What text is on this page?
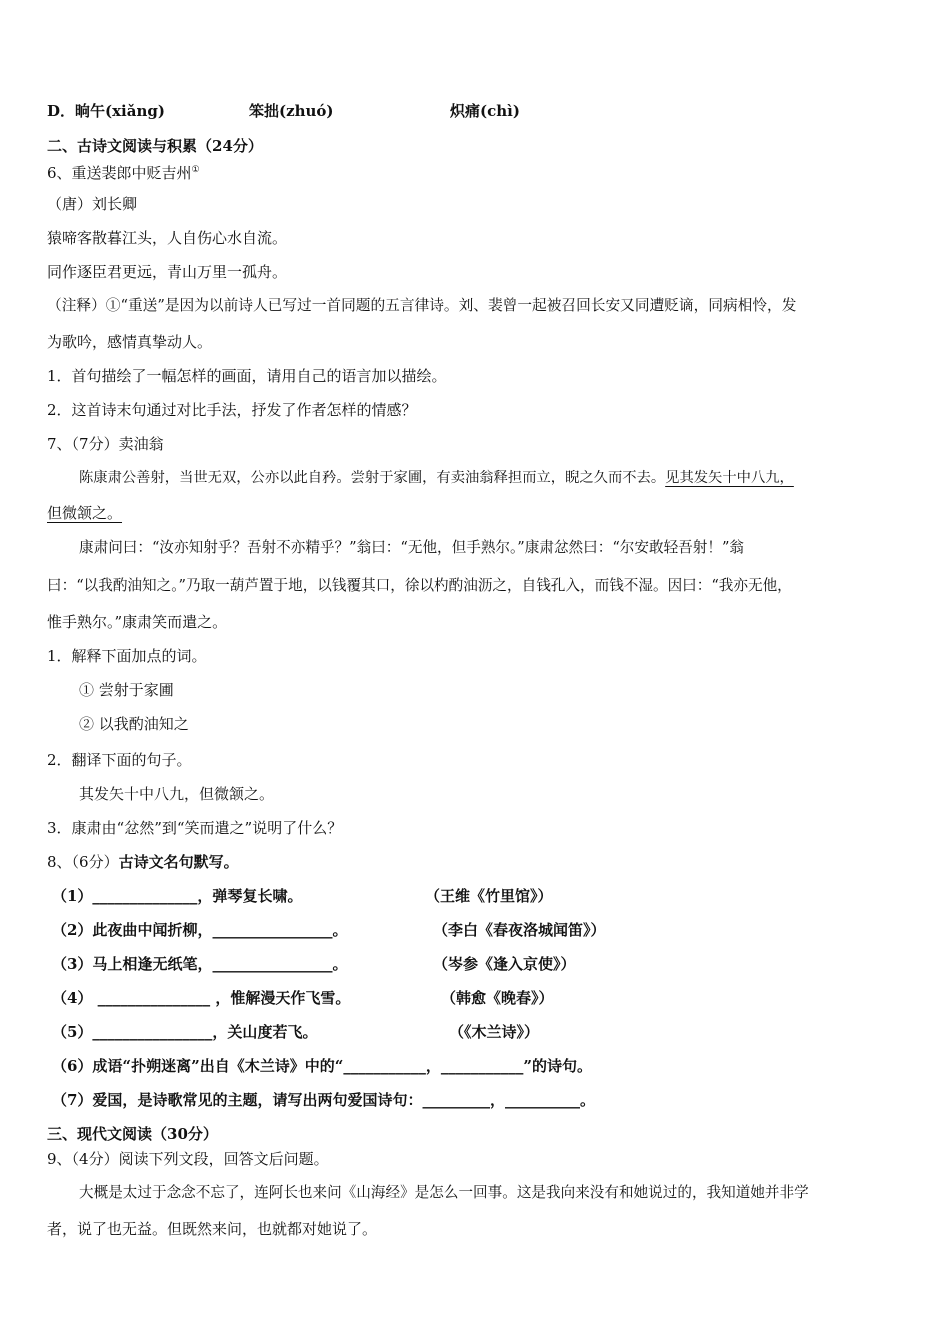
D． 晌午(xiǎng)	笨拙(zhuó)	炽痛(chì)
二、古诗文阅读与积累（24分）
6、重送裴郎中贬吉州①
（唐）刘长卿
猿啼客散暮江头，人自伤心水自流。
同作逐臣君更远，青山万里一孤舟。
（注释）①“重送”是因为以前诗人已写过一首同题的五言律诗。刘、裴曾一起被召回长安又同遭贬谪，同病相怜，发
为歌吟，感情真挚动人。
1．首句描绘了一幅怎样的画面，请用自己的语言加以描绘。
2．这首诗末句通过对比手法，抒发了作者怎样的情感？
7、（7分）卖油翁
陈康肃公善射，当世无双，公亦以此自矜。尝射于家圃，有卖油翁释担而立，睨之久而不去。见其发矢十中八九，
但微颔之。
康肃问曰：“汝亦知射乎？吾射不亦精乎？”翁曰：“无他，但手熟尔。”康肃忿然曰：“尔安敢轻吾射！”翁
曰：“以我酌油知之。”乃取一葫芦置于地，以钱覆其口，徐以杓酌油沥之，自钱孔入，而钱不湿。因曰：“我亦无他，
惟手熟尔。”康肃笑而遣之。
1．解释下面加点的词。
① 尝射于家圃
② 以我酌油知之
2．翻译下面的句子。
其发矢十中八九，但微颔之。
3．康肃由“忿然”到“笑而遣之”说明了什么？
8、（6分）古诗文名句默写。
（1）______________，弹琴复长啸。	（王维《竹里馆》）
（2）此夜曲中闻折柳，________________。	（李白《春夜洛城闻笛》）
（3）马上相逢无纸笔，________________。	（岑参《逢入京使》）
（4） _______________ ，惟解漫天作飞雪。	（韩愈《晚春》）
（5）________________，关山度若飞。	（《木兰诗》）
（6）成语“扑朔迷离”出自《木兰诗》中的“___________，___________”的诗句。
（7）爱国，是诗歌常见的主题，请写出两句爱国诗句：_________，__________。
三、现代文阅读（30分）
9、（4分）阅读下列文段，回答文后问题。
大概是太过于念念不忘了，连阿长也来问《山海经》是怎么一回事。这是我向来没有和她说过的，我知道她并非学
者，说了也无益。但既然来问，也就都对她说了。
